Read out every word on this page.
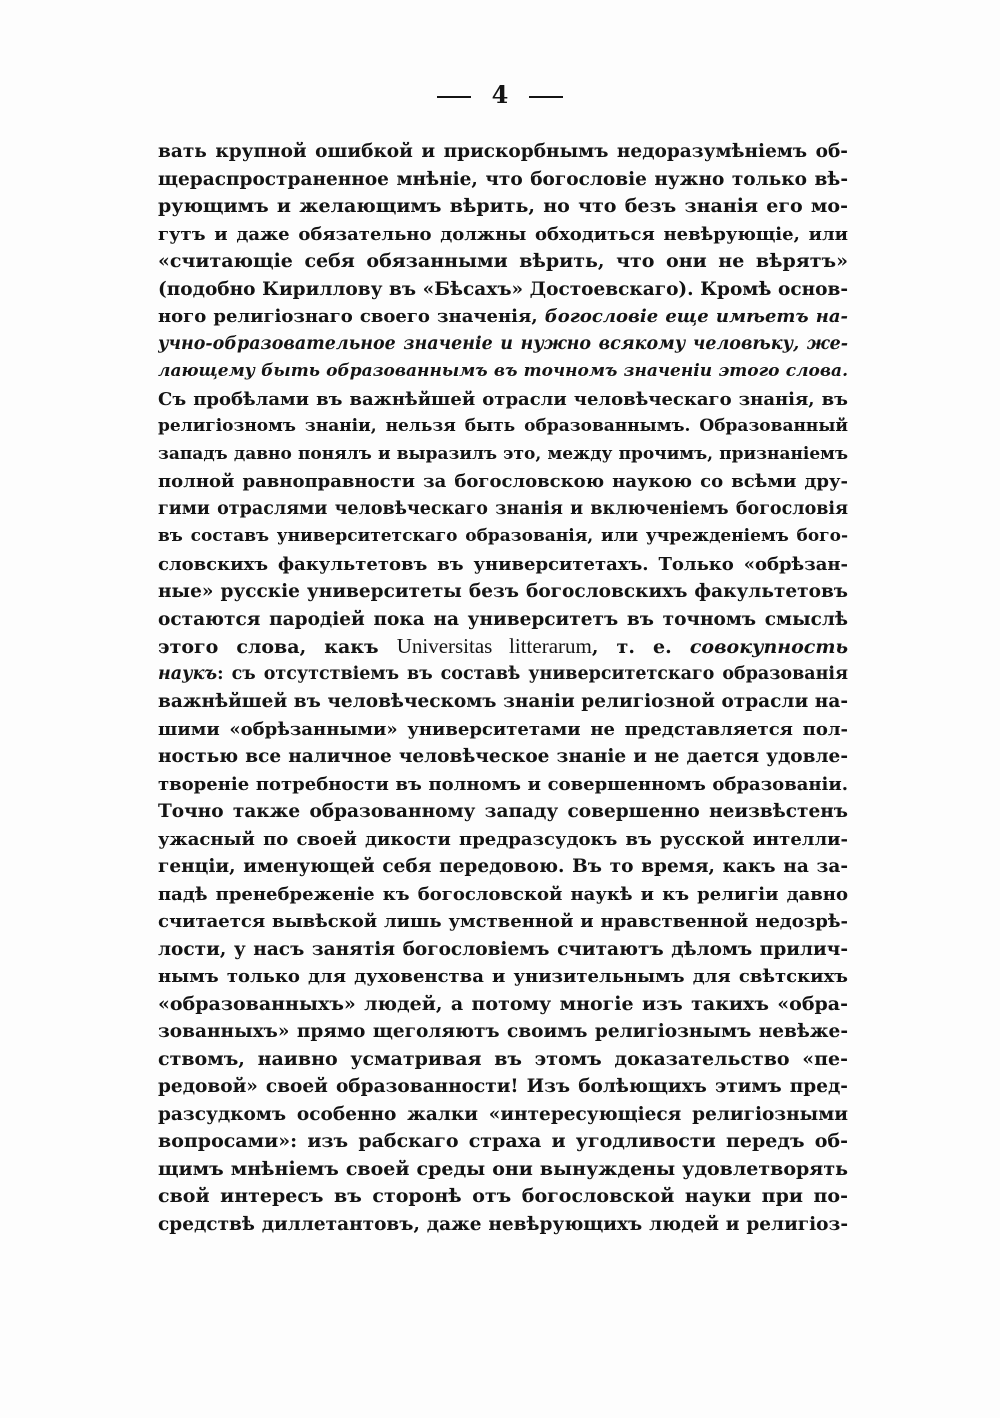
4
вать крупной ошибкой и прискорбнымъ недоразумѣніемъ об-
щераспространенное мнѣніе, что богословіе нужно только вѣ-
рующимъ и желающимъ вѣрить, но что безъ знанія его мо-
гутъ и даже обязательно должны обходиться невѣрующіе, или
«считающіе себя обязанными вѣрить, что они не вѣрятъ»
(подобно Кириллову въ «Бѣсахъ» Достоевскаго). Кромѣ основ-
ного религіознаго своего значенія, богословіе еще имѣетъ на-
учно-образовательное значеніе и нужно всякому человѣку, же-
лающему быть образованнымъ въ точномъ значеніи этого слова.
Съ пробѣлами въ важнѣйшей отрасли человѣческаго знанія, въ
религіозномъ знаніи, нельзя быть образованнымъ. Образованный
западъ давно понялъ и выразилъ это, между прочимъ, признаніемъ
полной равноправности за богословскою наукою со всѣми дру-
гими отраслями человѣческаго знанія и включеніемъ богословія
въ составъ университетскаго образованія, или учрежденіемъ бого-
словскихъ факультетовъ въ университетахъ. Только «обрѣзан-
ные» русскіе университеты безъ богословскихъ факультетовъ
остаются пародіей пока на университетъ въ точномъ смыслѣ
этого слова, какъ Universitas litterarum, т. е. совокупность
наукъ: съ отсутствіемъ въ составѣ университетскаго образованія
важнѣйшей въ человѣческомъ знаніи религіозной отрасли на-
шими «обрѣзанными» университетами не представляется пол-
ностью все наличное человѣческое знаніе и не дается удовле-
твореніе потребности въ полномъ и совершенномъ образованіи.
Точно также образованному западу совершенно неизвѣстенъ
ужасный по своей дикости предразсудокъ въ русской интелли-
генціи, именующей себя передовою. Въ то время, какъ на за-
падѣ пренебреженіе къ богословской наукѣ и къ религіи давно
считается вывѣской лишь умственной и нравственной недозрѣ-
лости, у насъ занятія богословіемъ считаютъ дѣломъ прилич-
нымъ только для духовенства и унизительнымъ для свѣтскихъ
«образованныхъ» людей, а потому многіе изъ такихъ «обра-
зованныхъ» прямо щеголяютъ своимъ религіознымъ невѣже-
ствомъ, наивно усматривая въ этомъ доказательство «пе-
редовой» своей образованности! Изъ болѣющихъ этимъ пред-
разсудкомъ особенно жалки «интересующіеся религіозными
вопросами»: изъ рабскаго страха и угодливости передъ об-
щимъ мнѣніемъ своей среды они вынуждены удовлетворять
свой интересъ въ сторонѣ отъ богословской науки при по-
средствѣ диллетантовъ, даже невѣрующихъ людей и религіоз-
